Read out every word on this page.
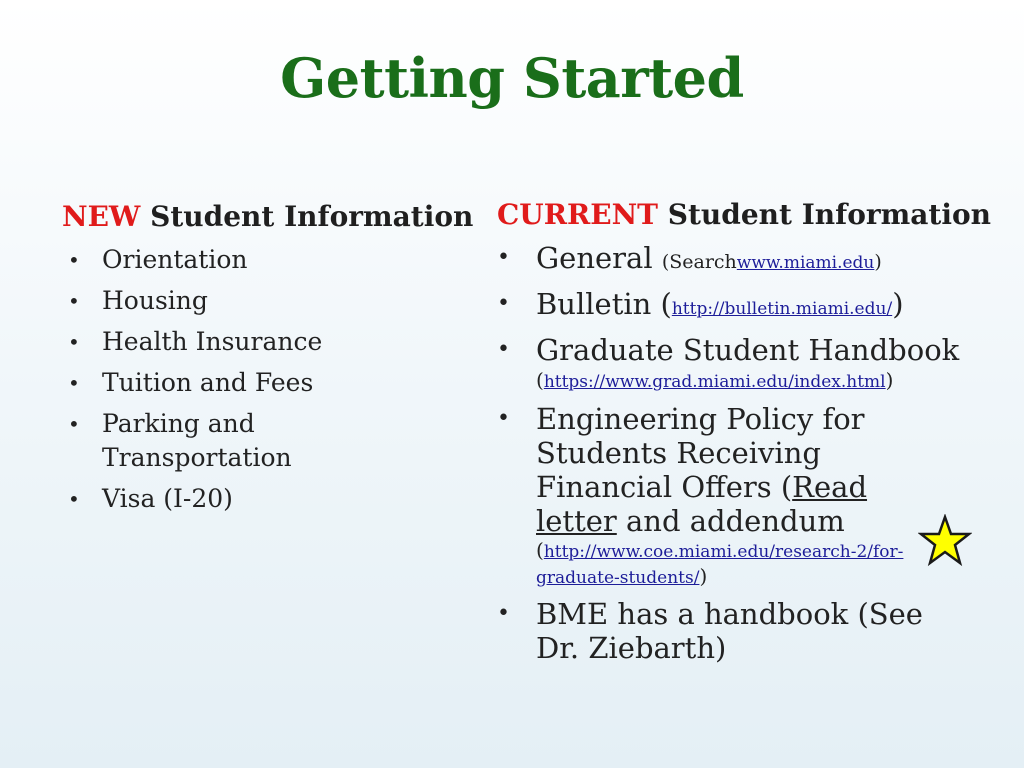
Getting Started
NEW Student Information
• Orientation
• Housing
• Health Insurance
• Tuition and Fees
• Parking and Transportation
• Visa (I-20)
CURRENT Student Information
• General (Searchwww.miami.edu)
• Bulletin (http://bulletin.miami.edu/)
• Graduate Student Handbook
(https://www.grad.miami.edu/index.html)
• Engineering Policy for Students Receiving Financial Offers (Read letter and addendum
(http://www.coe.miami.edu/research-2/for-graduate-students/)
• BME has a handbook (See Dr. Ziebarth)
